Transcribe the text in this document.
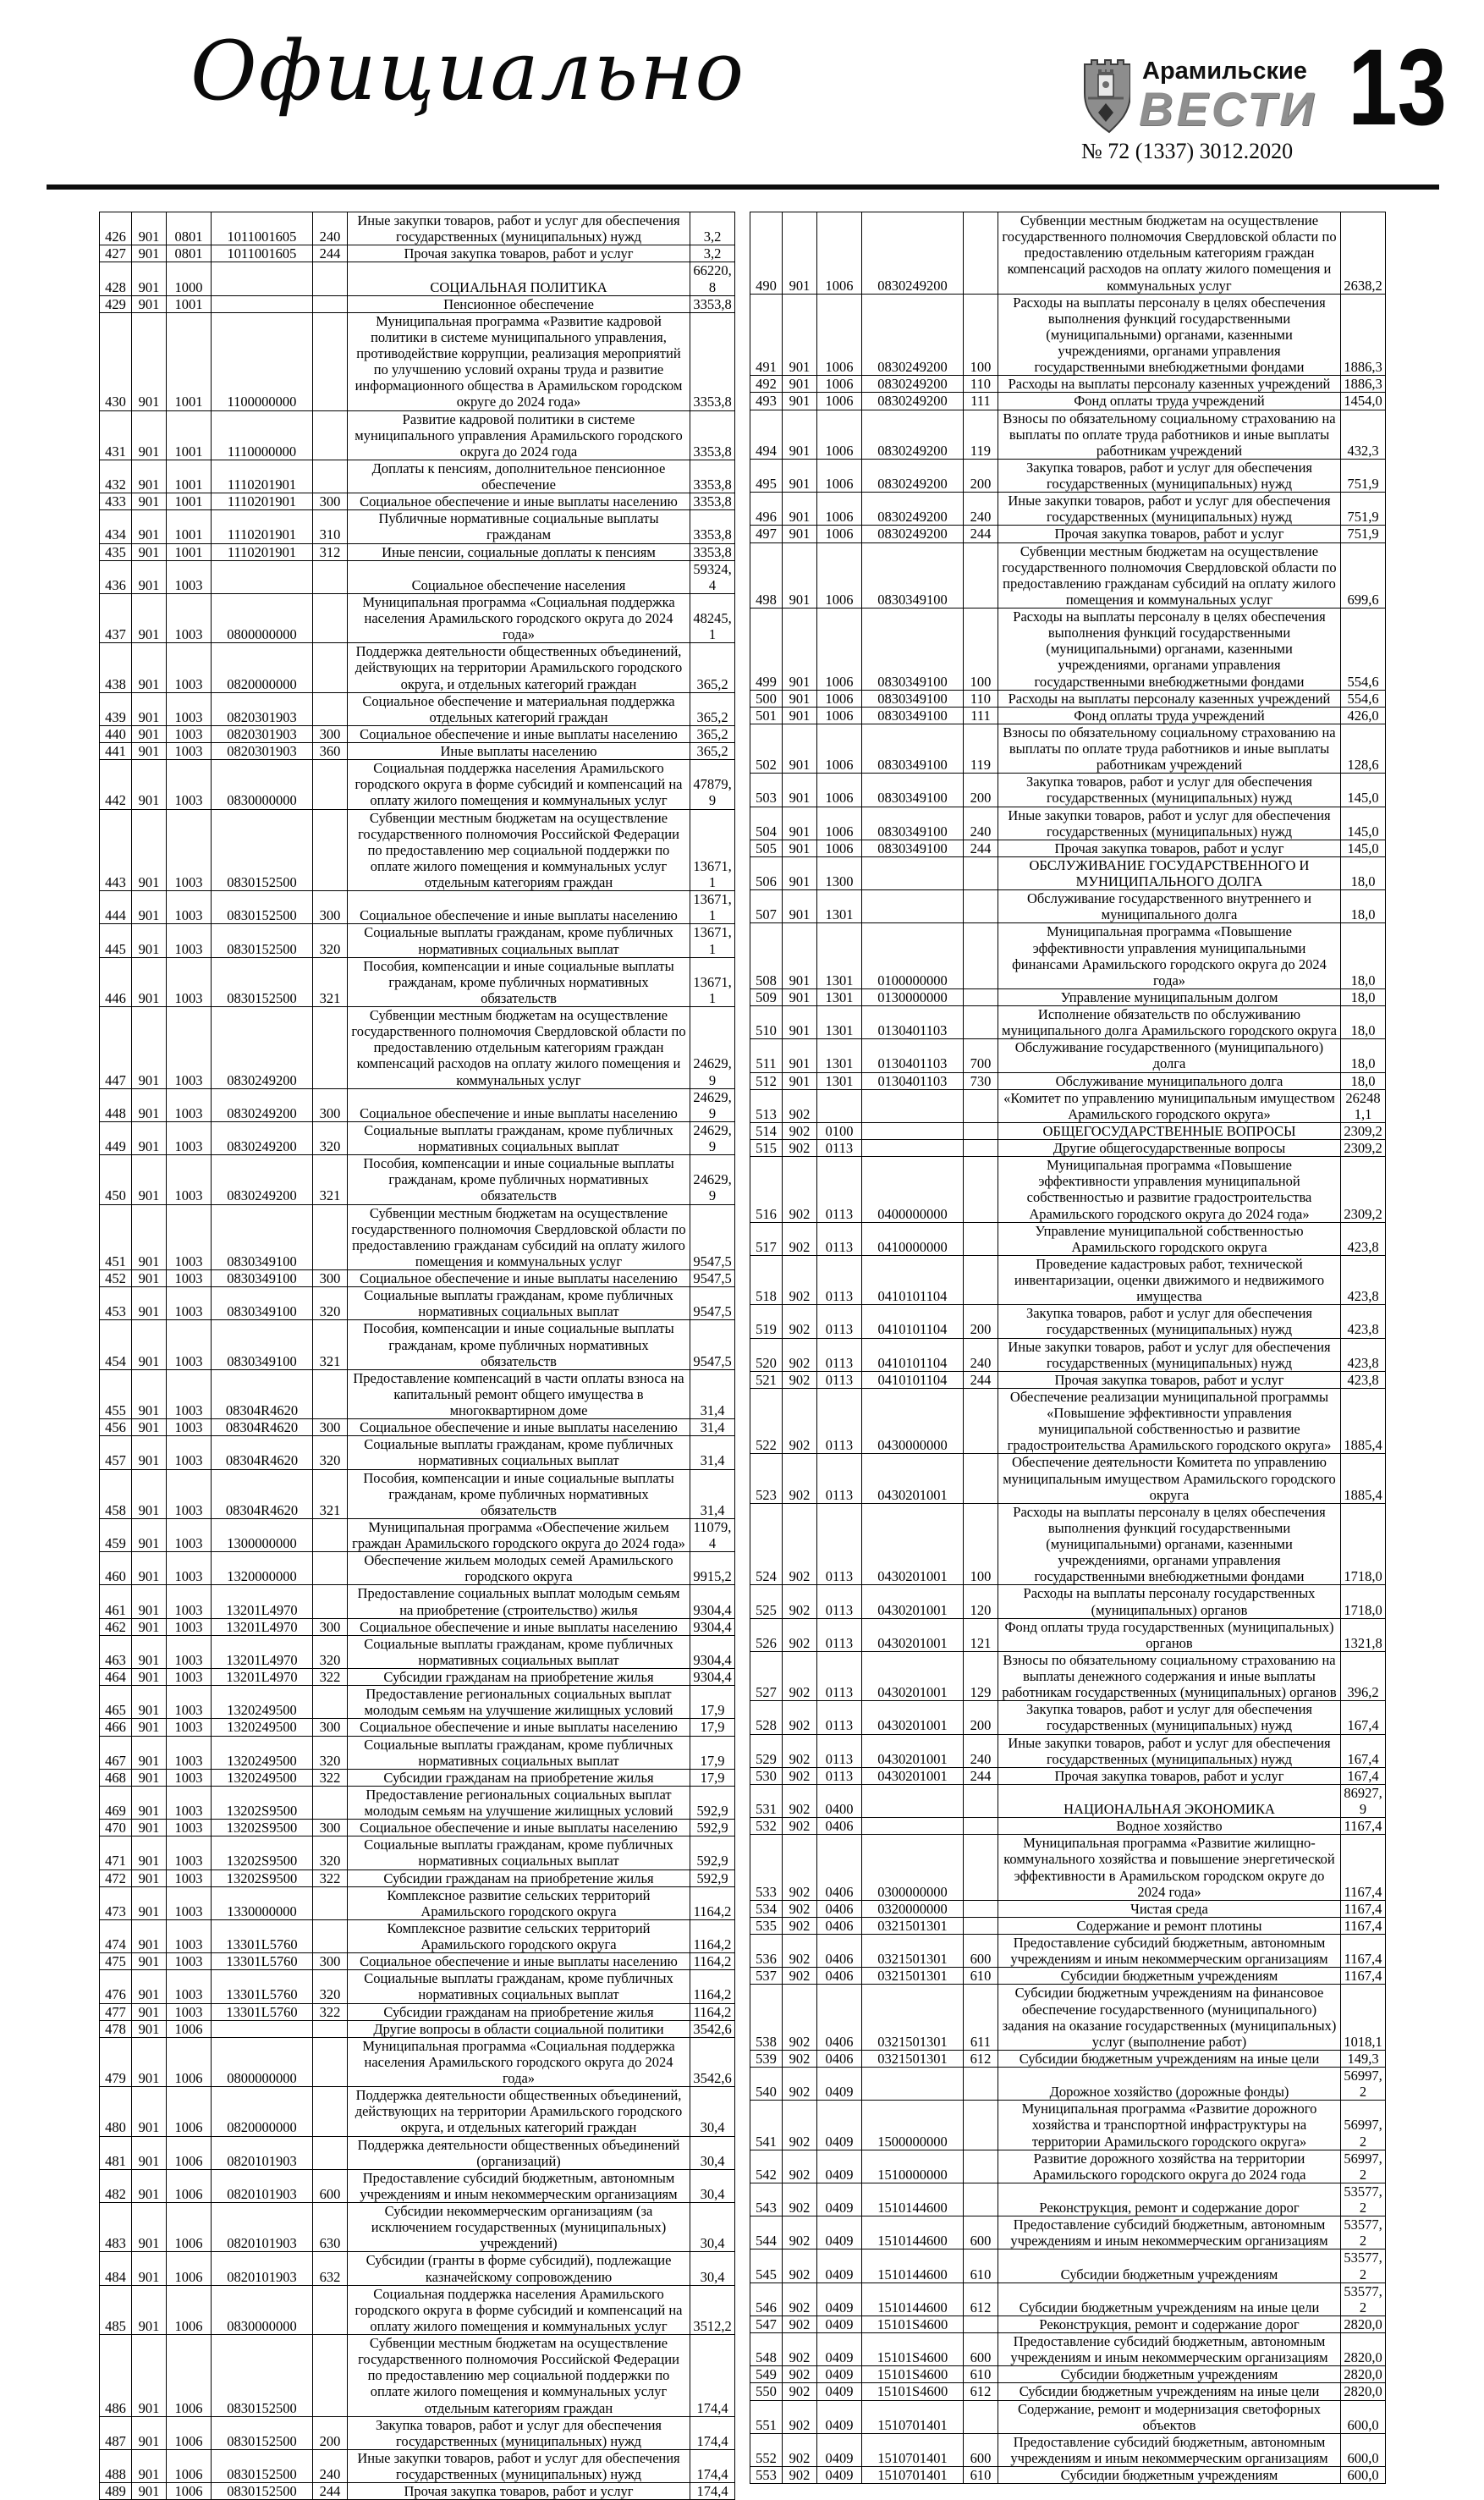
Официально	Арамильские
ВЕСТИ
№ 72 (1337) 3012.2020
13
426	901	0801	1011001605	240	Иные закупки товаров, работ и услуг для обеспечения государственных (муниципальных) нужд	3,2
427	901	0801	1011001605	244	Прочая закупка товаров, работ и услуг	3,2
428	901	1000			СОЦИАЛЬНАЯ ПОЛИТИКА	66220,8
429	901	1001			Пенсионное обеспечение	3353,8
430	901	1001	1100000000		Муниципальная программа «Развитие кадровой политики в системе муниципального управления, противодействие коррупции, реализация мероприятий по улучшению условий охраны труда и развитие информационного общества в Арамильском городском округе до 2024 года»	3353,8
431	901	1001	1110000000		Развитие кадровой политики в системе муниципального управления Арамильского городского округа до 2024 года	3353,8
432	901	1001	1110201901		Доплаты к пенсиям, дополнительное пенсионное обеспечение	3353,8
433	901	1001	1110201901	300	Социальное обеспечение и иные выплаты населению	3353,8
434	901	1001	1110201901	310	Публичные нормативные социальные выплаты гражданам	3353,8
435	901	1001	1110201901	312	Иные пенсии, социальные доплаты к пенсиям	3353,8
436	901	1003			Социальное обеспечение населения	59324,4
437	901	1003	0800000000		Муниципальная программа «Социальная поддержка населения Арамильского городского округа до 2024 года»	48245,1
438	901	1003	0820000000		Поддержка деятельности общественных объединений, действующих на территории Арамильского городского округа, и отдельных категорий граждан	365,2
439	901	1003	0820301903		Социальное обеспечение и материальная поддержка отдельных категорий граждан	365,2
440	901	1003	0820301903	300	Социальное обеспечение и иные выплаты населению	365,2
441	901	1003	0820301903	360	Иные выплаты населению	365,2
442	901	1003	0830000000		Социальная поддержка населения Арамильского городского округа в форме субсидий и компенсаций на оплату жилого помещения и коммунальных услуг	47879,9
443	901	1003	0830152500		Субвенции местным бюджетам на осуществление государственного полномочия Российской Федерации по предоставлению мер социальной поддержки по оплате жилого помещения и коммунальных услуг отдельным категориям граждан	13671,1
444	901	1003	0830152500	300	Социальное обеспечение и иные выплаты населению	13671,1
445	901	1003	0830152500	320	Социальные выплаты гражданам, кроме публичных нормативных социальных выплат	13671,1
446	901	1003	0830152500	321	Пособия, компенсации и иные социальные выплаты гражданам, кроме публичных нормативных обязательств	13671,1
447	901	1003	0830249200		Субвенции местным бюджетам на осуществление государственного полномочия Свердловской области по предоставлению отдельным категориям граждан компенсаций расходов на оплату жилого помещения и коммунальных услуг	24629,9
448	901	1003	0830249200	300	Социальное обеспечение и иные выплаты населению	24629,9
449	901	1003	0830249200	320	Социальные выплаты гражданам, кроме публичных нормативных социальных выплат	24629,9
450	901	1003	0830249200	321	Пособия, компенсации и иные социальные выплаты гражданам, кроме публичных нормативных обязательств	24629,9
451	901	1003	0830349100		Субвенции местным бюджетам на осуществление государственного полномочия Свердловской области по предоставлению гражданам субсидий на оплату жилого помещения и коммунальных услуг	9547,5
452	901	1003	0830349100	300	Социальное обеспечение и иные выплаты населению	9547,5
453	901	1003	0830349100	320	Социальные выплаты гражданам, кроме публичных нормативных социальных выплат	9547,5
454	901	1003	0830349100	321	Пособия, компенсации и иные социальные выплаты гражданам, кроме публичных нормативных обязательств	9547,5
455	901	1003	08304R4620		Предоставление компенсаций в части оплаты взноса на капитальный ремонт общего имущества в многоквартирном доме	31,4
456	901	1003	08304R4620	300	Социальное обеспечение и иные выплаты населению	31,4
457	901	1003	08304R4620	320	Социальные выплаты гражданам, кроме публичных нормативных социальных выплат	31,4
458	901	1003	08304R4620	321	Пособия, компенсации и иные социальные выплаты гражданам, кроме публичных нормативных обязательств	31,4
459	901	1003	1300000000		Муниципальная программа «Обеспечение жильем граждан Арамильского городского округа до 2024 года»	11079,4
460	901	1003	1320000000		Обеспечение жильем молодых семей Арамильского городского округа	9915,2
461	901	1003	13201L4970		Предоставление социальных выплат молодым семьям на приобретение (строительство) жилья	9304,4
462	901	1003	13201L4970	300	Социальное обеспечение и иные выплаты населению	9304,4
463	901	1003	13201L4970	320	Социальные выплаты гражданам, кроме публичных нормативных социальных выплат	9304,4
464	901	1003	13201L4970	322	Субсидии гражданам на приобретение жилья	9304,4
465	901	1003	1320249500		Предоставление региональных социальных выплат молодым семьям на улучшение жилищных условий	17,9
466	901	1003	1320249500	300	Социальное обеспечение и иные выплаты населению	17,9
467	901	1003	1320249500	320	Социальные выплаты гражданам, кроме публичных нормативных социальных выплат	17,9
468	901	1003	1320249500	322	Субсидии гражданам на приобретение жилья	17,9
469	901	1003	13202S9500		Предоставление региональных социальных выплат молодым семьям на улучшение жилищных условий	592,9
470	901	1003	13202S9500	300	Социальное обеспечение и иные выплаты населению	592,9
471	901	1003	13202S9500	320	Социальные выплаты гражданам, кроме публичных нормативных социальных выплат	592,9
472	901	1003	13202S9500	322	Субсидии гражданам на приобретение жилья	592,9
473	901	1003	1330000000		Комплексное развитие сельских территорий Арамильского городского округа	1164,2
474	901	1003	13301L5760		Комплексное развитие сельских территорий Арамильского городского округа	1164,2
475	901	1003	13301L5760	300	Социальное обеспечение и иные выплаты населению	1164,2
476	901	1003	13301L5760	320	Социальные выплаты гражданам, кроме публичных нормативных социальных выплат	1164,2
477	901	1003	13301L5760	322	Субсидии гражданам на приобретение жилья	1164,2
478	901	1006			Другие вопросы в области социальной политики	3542,6
479	901	1006	0800000000		Муниципальная программа «Социальная поддержка населения Арамильского городского округа до 2024 года»	3542,6
480	901	1006	0820000000		Поддержка деятельности общественных объединений, действующих на территории Арамильского городского округа, и отдельных категорий граждан	30,4
481	901	1006	0820101903		Поддержка деятельности общественных объединений (организаций)	30,4
482	901	1006	0820101903	600	Предоставление субсидий бюджетным, автономным учреждениям и иным некоммерческим организациям	30,4
483	901	1006	0820101903	630	Субсидии некоммерческим организациям (за исключением государственных (муниципальных) учреждений)	30,4
484	901	1006	0820101903	632	Субсидии (гранты в форме субсидий), подлежащие казначейскому сопровождению	30,4
485	901	1006	0830000000		Социальная поддержка населения Арамильского городского округа в форме субсидий и компенсаций на оплату жилого помещения и коммунальных услуг	3512,2
486	901	1006	0830152500		Субвенции местным бюджетам на осуществление государственного полномочия Российской Федерации по предоставлению мер социальной поддержки по оплате жилого помещения и коммунальных услуг отдельным категориям граждан	174,4
487	901	1006	0830152500	200	Закупка товаров, работ и услуг для обеспечения государственных (муниципальных) нужд	174,4
488	901	1006	0830152500	240	Иные закупки товаров, работ и услуг для обеспечения государственных (муниципальных) нужд	174,4
489	901	1006	0830152500	244	Прочая закупка товаров, работ и услуг	174,4
490	901	1006	0830249200		Субвенции местным бюджетам на осуществление государственного полномочия Свердловской области по предоставлению отдельным категориям граждан компенсаций расходов на оплату жилого помещения и коммунальных услуг	2638,2
491	901	1006	0830249200	100	Расходы на выплаты персоналу в целях обеспечения выполнения функций государственными (муниципальными) органами, казенными учреждениями, органами управления государственными внебюджетными фондами	1886,3
492	901	1006	0830249200	110	Расходы на выплаты персоналу казенных учреждений	1886,3
493	901	1006	0830249200	111	Фонд оплаты труда учреждений	1454,0
494	901	1006	0830249200	119	Взносы по обязательному социальному страхованию на выплаты по оплате труда работников и иные выплаты работникам учреждений	432,3
495	901	1006	0830249200	200	Закупка товаров, работ и услуг для обеспечения государственных (муниципальных) нужд	751,9
496	901	1006	0830249200	240	Иные закупки товаров, работ и услуг для обеспечения государственных (муниципальных) нужд	751,9
497	901	1006	0830249200	244	Прочая закупка товаров, работ и услуг	751,9
498	901	1006	0830349100		Субвенции местным бюджетам на осуществление государственного полномочия Свердловской области по предоставлению гражданам субсидий на оплату жилого помещения и коммунальных услуг	699,6
499	901	1006	0830349100	100	Расходы на выплаты персоналу в целях обеспечения выполнения функций государственными (муниципальными) органами, казенными учреждениями, органами управления государственными внебюджетными фондами	554,6
500	901	1006	0830349100	110	Расходы на выплаты персоналу казенных учреждений	554,6
501	901	1006	0830349100	111	Фонд оплаты труда учреждений	426,0
502	901	1006	0830349100	119	Взносы по обязательному социальному страхованию на выплаты по оплате труда работников и иные выплаты работникам учреждений	128,6
503	901	1006	0830349100	200	Закупка товаров, работ и услуг для обеспечения государственных (муниципальных) нужд	145,0
504	901	1006	0830349100	240	Иные закупки товаров, работ и услуг для обеспечения государственных (муниципальных) нужд	145,0
505	901	1006	0830349100	244	Прочая закупка товаров, работ и услуг	145,0
506	901	1300			ОБСЛУЖИВАНИЕ ГОСУДАРСТВЕННОГО И МУНИЦИПАЛЬНОГО ДОЛГА	18,0
507	901	1301			Обслуживание государственного внутреннего и муниципального долга	18,0
508	901	1301	0100000000		Муниципальная программа «Повышение эффективности управления муниципальными финансами Арамильского городского округа до 2024 года»	18,0
509	901	1301	0130000000		Управление муниципальным долгом	18,0
510	901	1301	0130401103		Исполнение обязательств по обслуживанию муниципального долга Арамильского городского округа	18,0
511	901	1301	0130401103	700	Обслуживание государственного (муниципального) долга	18,0
512	901	1301	0130401103	730	Обслуживание муниципального долга	18,0
513	902				«Комитет по управлению муниципальным имуществом Арамильского городского округа»	262481,1
514	902	0100			ОБЩЕГОСУДАРСТВЕННЫЕ ВОПРОСЫ	2309,2
515	902	0113			Другие общегосударственные вопросы	2309,2
516	902	0113	0400000000		Муниципальная программа «Повышение эффективности управления муниципальной собственностью и развитие градостроительства Арамильского городского округа до 2024 года»	2309,2
517	902	0113	0410000000		Управление муниципальной собственностью Арамильского городского округа	423,8
518	902	0113	0410101104		Проведение кадастровых работ, технической инвентаризации, оценки движимого и недвижимого имущества	423,8
519	902	0113	0410101104	200	Закупка товаров, работ и услуг для обеспечения государственных (муниципальных) нужд	423,8
520	902	0113	0410101104	240	Иные закупки товаров, работ и услуг для обеспечения государственных (муниципальных) нужд	423,8
521	902	0113	0410101104	244	Прочая закупка товаров, работ и услуг	423,8
522	902	0113	0430000000		Обеспечение реализации муниципальной программы «Повышение эффективности управления муниципальной собственностью и развитие градостроительства Арамильского городского округа»	1885,4
523	902	0113	0430201001		Обеспечение деятельности Комитета по управлению муниципальным имуществом Арамильского городского округа	1885,4
524	902	0113	0430201001	100	Расходы на выплаты персоналу в целях обеспечения выполнения функций государственными (муниципальными) органами, казенными учреждениями, органами управления государственными внебюджетными фондами	1718,0
525	902	0113	0430201001	120	Расходы на выплаты персоналу государственных (муниципальных) органов	1718,0
526	902	0113	0430201001	121	Фонд оплаты труда государственных (муниципальных) органов	1321,8
527	902	0113	0430201001	129	Взносы по обязательному социальному страхованию на выплаты денежного содержания и иные выплаты работникам государственных (муниципальных) органов	396,2
528	902	0113	0430201001	200	Закупка товаров, работ и услуг для обеспечения государственных (муниципальных) нужд	167,4
529	902	0113	0430201001	240	Иные закупки товаров, работ и услуг для обеспечения государственных (муниципальных) нужд	167,4
530	902	0113	0430201001	244	Прочая закупка товаров, работ и услуг	167,4
531	902	0400			НАЦИОНАЛЬНАЯ ЭКОНОМИКА	86927,9
532	902	0406			Водное хозяйство	1167,4
533	902	0406	0300000000		Муниципальная программа «Развитие жилищно-коммунального хозяйства и повышение энергетической эффективности в Арамильском городском округе до 2024 года»	1167,4
534	902	0406	0320000000		Чистая среда	1167,4
535	902	0406	0321501301		Содержание и ремонт плотины	1167,4
536	902	0406	0321501301	600	Предоставление субсидий бюджетным, автономным учреждениям и иным некоммерческим организациям	1167,4
537	902	0406	0321501301	610	Субсидии бюджетным учреждениям	1167,4
538	902	0406	0321501301	611	Субсидии бюджетным учреждениям на финансовое обеспечение государственного (муниципального) задания на оказание государственных (муниципальных) услуг (выполнение работ)	1018,1
539	902	0406	0321501301	612	Субсидии бюджетным учреждениям на иные цели	149,3
540	902	0409			Дорожное хозяйство (дорожные фонды)	56997,2
541	902	0409	1500000000		Муниципальная программа «Развитие дорожного хозяйства и транспортной инфраструктуры на территории Арамильского городского округа»	56997,2
542	902	0409	1510000000		Развитие дорожного хозяйства на территории Арамильского городского округа до 2024 года	56997,2
543	902	0409	1510144600		Реконструкция, ремонт и содержание дорог	53577,2
544	902	0409	1510144600	600	Предоставление субсидий бюджетным, автономным учреждениям и иным некоммерческим организациям	53577,2
545	902	0409	1510144600	610	Субсидии бюджетным учреждениям	53577,2
546	902	0409	1510144600	612	Субсидии бюджетным учреждениям на иные цели	53577,2
547	902	0409	15101S4600		Реконструкция, ремонт и содержание дорог	2820,0
548	902	0409	15101S4600	600	Предоставление субсидий бюджетным, автономным учреждениям и иным некоммерческим организациям	2820,0
549	902	0409	15101S4600	610	Субсидии бюджетным учреждениям	2820,0
550	902	0409	15101S4600	612	Субсидии бюджетным учреждениям на иные цели	2820,0
551	902	0409	1510701401		Содержание, ремонт и модернизация светофорных объектов	600,0
552	902	0409	1510701401	600	Предоставление субсидий бюджетным, автономным учреждениям и иным некоммерческим организациям	600,0
553	902	0409	1510701401	610	Субсидии бюджетным учреждениям	600,0
